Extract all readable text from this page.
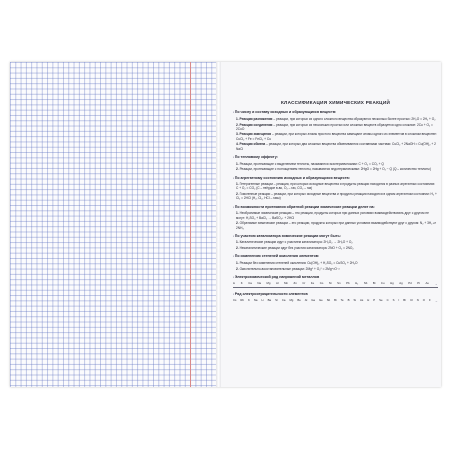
КЛАССИФИКАЦИЯ ХИМИЧЕСКИХ РЕАКЦИЙ
▪ По числу и составу исходных и образующихся веществ:
1. Реакции разложения – реакции, при которых из одного сложного вещества образуются несколько более простых: 2H₂O = 2H₂ + O₂
2. Реакции соединения – реакции, при которых из нескольких простых или сложных веществ образуется одно сложное: 2Cu + O₂ = 2CuO
3. Реакции замещения – реакции, при которых атомы простого вещества замещают атомы одного из элементов в сложном веществе: CuCl₂ + Fe = FeCl₂ + Cu
4. Реакции обмена – реакции, при которых два сложных вещества обмениваются составными частями: CuCl₂ + 2NaOH = Cu(OH)₂ + 2 NaCl
▪ По тепловому эффекту:
1. Реакции, протекающие с выделением теплоты, называются экзотермическими: C + O₂ = CO₂ + Q
2. Реакции, протекающие с поглощением теплоты, называются эндотермическими: 2HgO = 2Hg + O₂ − Q (Q – количество теплоты)
▪ По агрегатному состоянию исходных и образующихся веществ:
1. Гетерогенные реакции – реакции, при которых исходные вещества и продукты реакции находятся в разных агрегатных состояниях: C + O₂ = CO₂ (C – твёрдое в-во, O₂ – газ, CO₂ – газ)
2. Гомогенные реакции – реакции, при которых исходные вещества и продукты реакции находятся в одном агрегатном состоянии: H₂ + Cl₂ = 2HCl (H₂, Cl₂, HCl – газы)
▪ По возможности протекания обратной реакции химические реакции делят на:
1. Необратимые химические реакции – это реакции, продукты которых при данных условиях взаимодействовать друг с другом не могут: H₂SO₄ + BaCl₂ → BaSO₄↓ + 2HCl
2. Обратимые химические реакции – это реакции, продукты которых при данных условиях взаимодействуют друг с другом: N₂ + 3H₂ ⇄ 2NH₃
▪ По участию катализатора химические реакции могут быть:
1. Каталитические реакции идут с участием катализатора: 2H₂O₂ → 2H₂O + O₂
2. Некаталитические реакции идут без участия катализатора: 2NO + O₂ = 2NO₂
▪ По изменению степеней окисления элементов:
1. Реакции без изменения степеней окисления: Cu(OH)₂ + H₂SO₄ = CuSO₄ + 2H₂O
2. Окислительно-восстановительные реакции: 2Mg⁰ + O₂⁰ = 2Mg⁺²O⁻²
▪ Электрохимический ряд напряжений металлов
Li K Ca Na Mg Al Mn Zn Cr Fe Co Ni Sn Pb H₂ Sb Bi Cu Hg Ag Pd Pt Au →
▪ Ряд электроотрицательности элементов
Cs Rb K Na Li Ba Sr Ca Mg Be Al Ga Ge Sb Bi Te B Si As H P Se C S I Br Cl N O F →
